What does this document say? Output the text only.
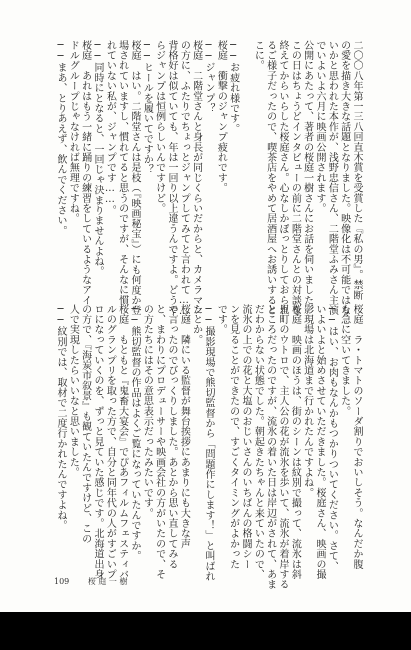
二〇〇八年第一三八回直木賞を受賞した『私の男』。禁断
の愛を描き大きな話題となりました。映像化は不可能ではな
いかと思われた本作が、浅野忠信さん、二階堂ふみさん主演
でいよいよ六月に映画公開されます。
公開にあたって、著者の桜庭一樹さんにお話を伺いました。
この日はちょうどインタビューの前に二階堂さんとの対談を
終えてからいらした桜庭さん。心なしかぽっとりしておられ
るご様子だったので、喫茶店をやめて居酒屋へお誘いすると
こに。
──お疲れ様です。
桜庭　衝撃のジャンプ疲れです。
──ジャンプ？
桜庭　二階堂さんと身長が同じくらいだからと、カメラマン
の方に、ふたりでちょっとジャンプしてみてと言われて……。
背格好は似ていても、年は一回り以上違うんですよ。どうや
らジャンプは恒例らしいんですけど。
──ヒールを履いてですか？
桜庭　はい。二階堂さんは是枝（『映画秘宝』）にも何度か登
場されていますし、慣れてると思うのですが、そんなに慣
れていない私が、ジャンプです……。
──同時にとなると、一回じゃ決まりませんよね。
桜庭　あれはもう一緒に踊りの練習をしているようなアイ
ドルグループじゃなければ無理ですね。
──まあ、とりあえず、飲んでください。
桜庭　ラ・トマトのソーダ割りでおいしそう。なんだか腹
も急に空いてきました。
──はい、お肉もなんかもつかりついてください。さて、
いよいよと始めさせていただきました。桜庭さん、映画の撮
影現場は北海道まで行かれたんですよね。
桜庭　映画のほうは、街のシーンは紋別で撮って、流氷は斜
里町のウトロで、主人公の花が流氷を歩いて、流氷が着岸する
ところだったのですが、流氷の着いた日は岸辺がされて、あま
だわからない状態でした。朝起きたちゃんと来ていたので、
流氷の上での花と大塩のおじいさんのいちばんの格闘シー
ンを見ることができたので、すごくタイミングがよかった
です。
──撮影現場で熊切監督から「問題作にします！」と叫ばれ
たとか。
桜庭　隣にいる監督が舞台挨拶にあまりにも大きな声
で言ったのでびっくりしました。あとから思い直してみる
と、まわりにプロデューサーや映画会社の方がいたので、そ
の方たちにはその意思表示だったみたいです。
──熊切監督の作品はよくご覧になっていたんですか。
桜庭　もともと『鬼畜大宴会』でぴあフィルムフェスティバ
ルのグランプリを取った方で、自分と同年代の人がすごいプ
ロになっていくのを、ずっと見ていた感じです。北海道出身
の方で、『海炭市叙景』も観ていたんですけど、この
人で実現したらいいなと思いました。
──紋別では、取材で二度行かれたんですよね。
109 桜 庭 一 樹
